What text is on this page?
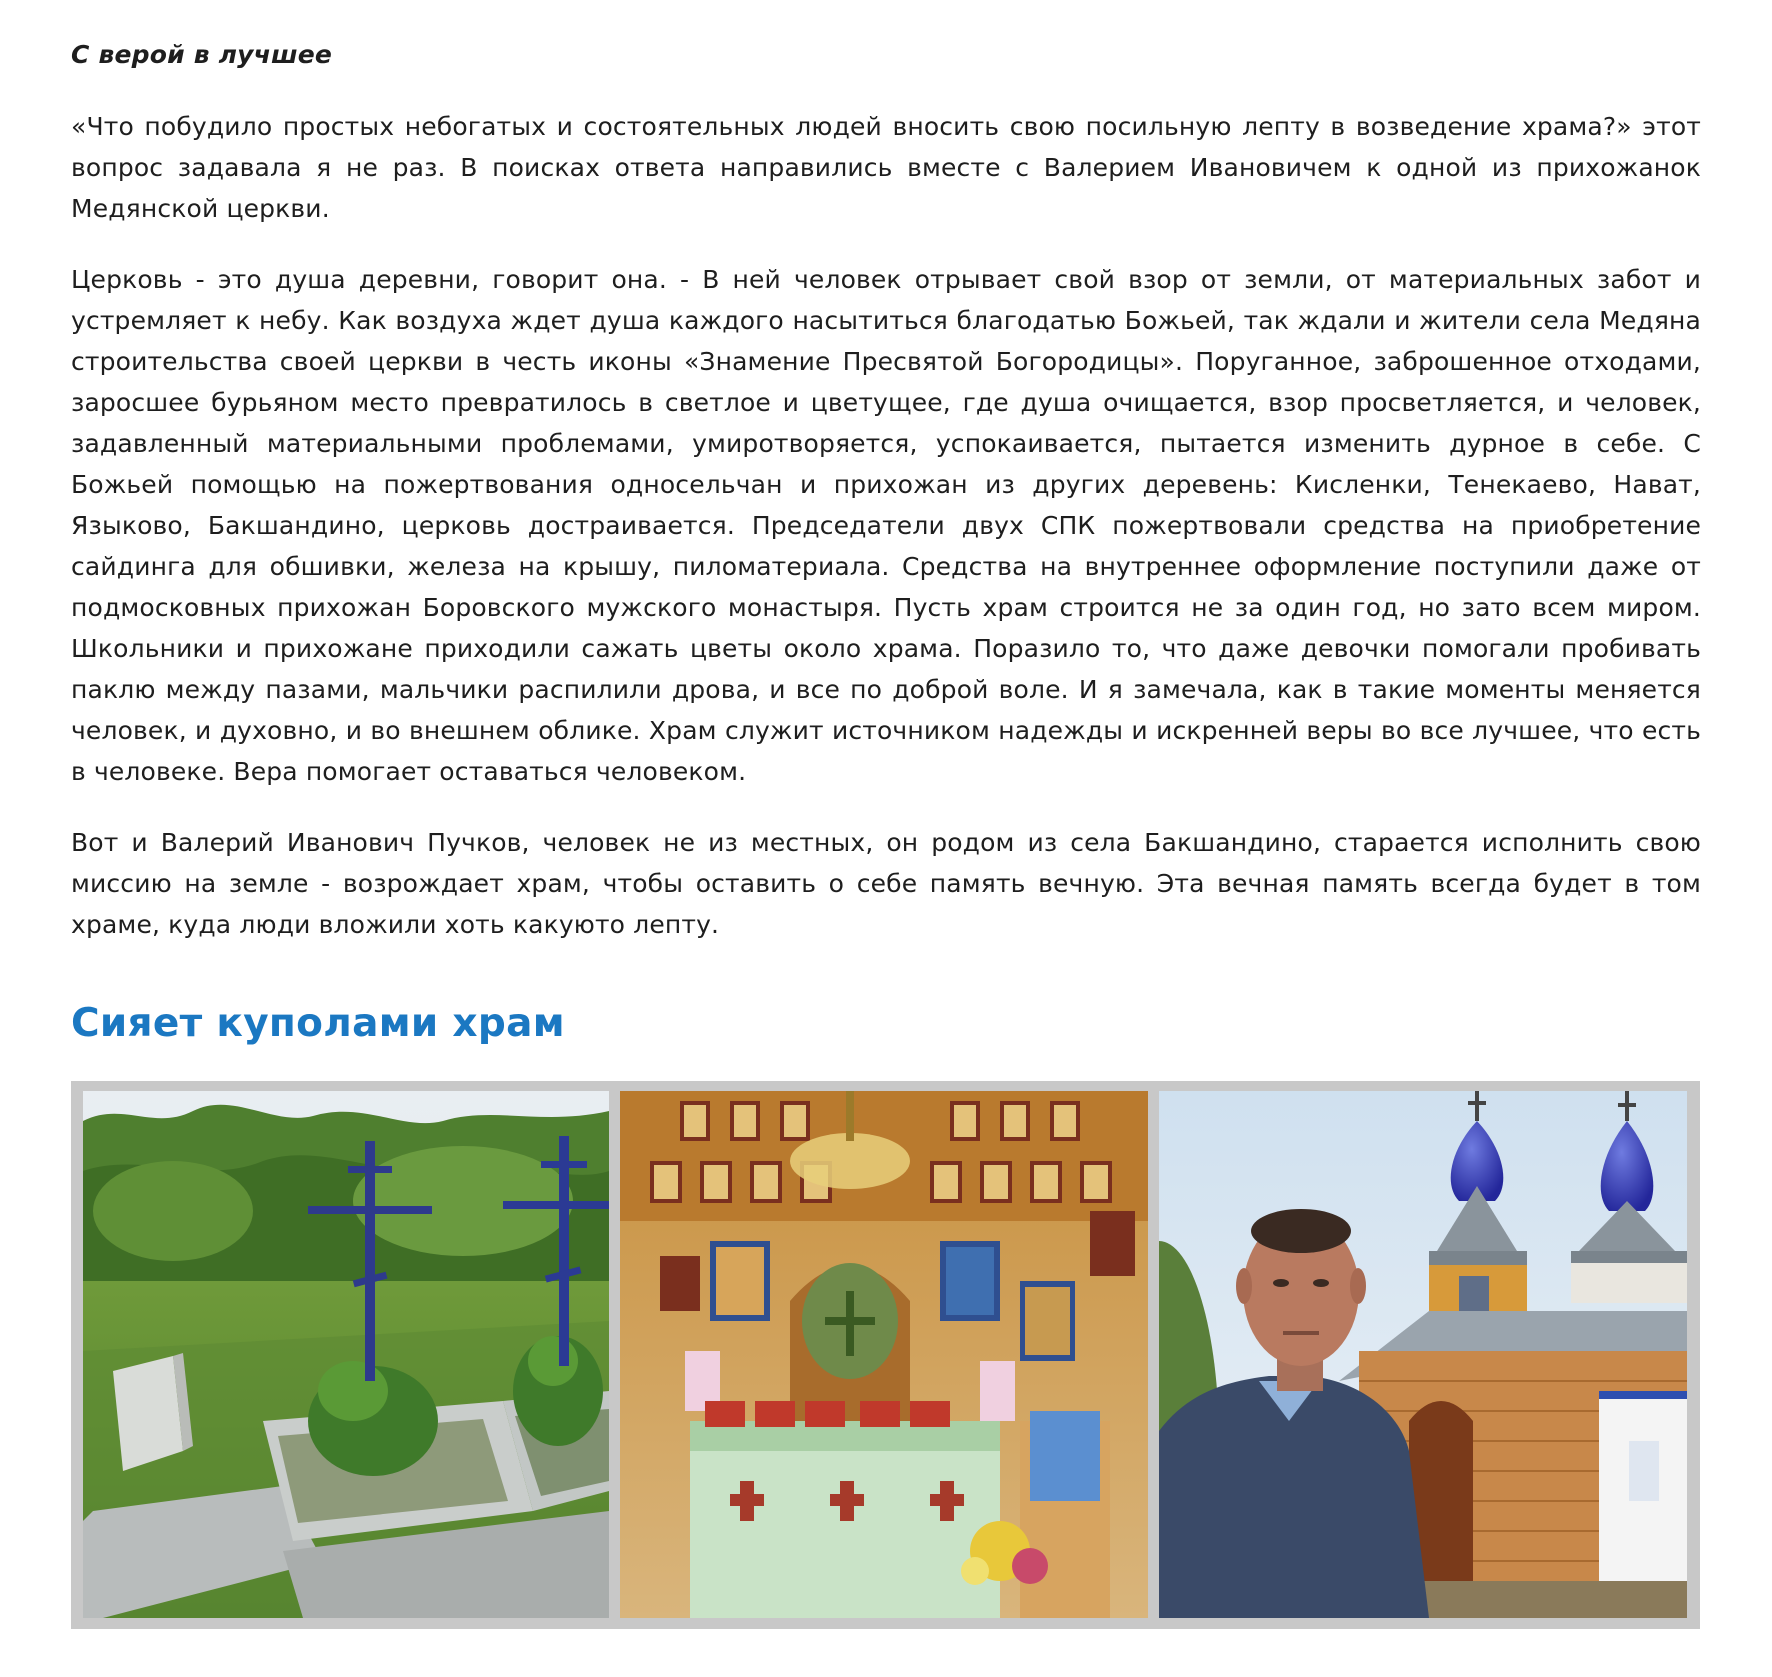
С верой в лучшее

«Что побудило простых небогатых и состоятельных людей вносить свою посильную лепту в возведение храма?» этот вопрос задавала я не раз. В поисках ответа направились вместе с Валерием Ивановичем к одной из прихожанок Медянской церкви.

Церковь - это душа деревни, говорит она. - В ней человек отрывает свой взор от земли, от материальных забот и устремляет к небу. Как воздуха ждет душа каждого насытиться благодатью Божьей, так ждали и жители села Медяна строительства своей церкви в честь иконы «Знамение Пресвятой Богородицы». Поруганное, заброшенное отходами, заросшее бурьяном место превратилось в светлое и цветущее, где душа очищается, взор просветляется, и человек, задавленный материальными проблемами, умиротворяется, успокаивается, пытается изменить дурное в себе. С Божьей помощью на пожертвования односельчан и прихожан из других деревень: Кисленки, Тенекаево, Нават, Языково, Бакшандино, церковь достраивается. Председатели двух СПК пожертвовали средства на приобретение сайдинга для обшивки, железа на крышу, пиломатериала. Средства на внутреннее оформление поступили даже от подмосковных прихожан Боровского мужского монастыря. Пусть храм строится не за один год, но зато всем миром. Школьники и прихожане приходили сажать цветы около храма. Поразило то, что даже девочки помогали пробивать паклю между пазами, мальчики распилили дрова, и все по доброй воле. И я замечала, как в такие моменты меняется человек, и духовно, и во внешнем облике. Храм служит источником надежды и искренней веры во все лучшее, что есть в человеке. Вера помогает оставаться человеком.

Вот и Валерий Иванович Пучков, человек не из местных, он родом из села Бакшандино, старается исполнить свою миссию на земле - возрождает храм, чтобы оставить о себе память вечную. Эта вечная память всегда будет в том храме, куда люди вложили хоть какуюто лепту.

Сияет куполами храм
